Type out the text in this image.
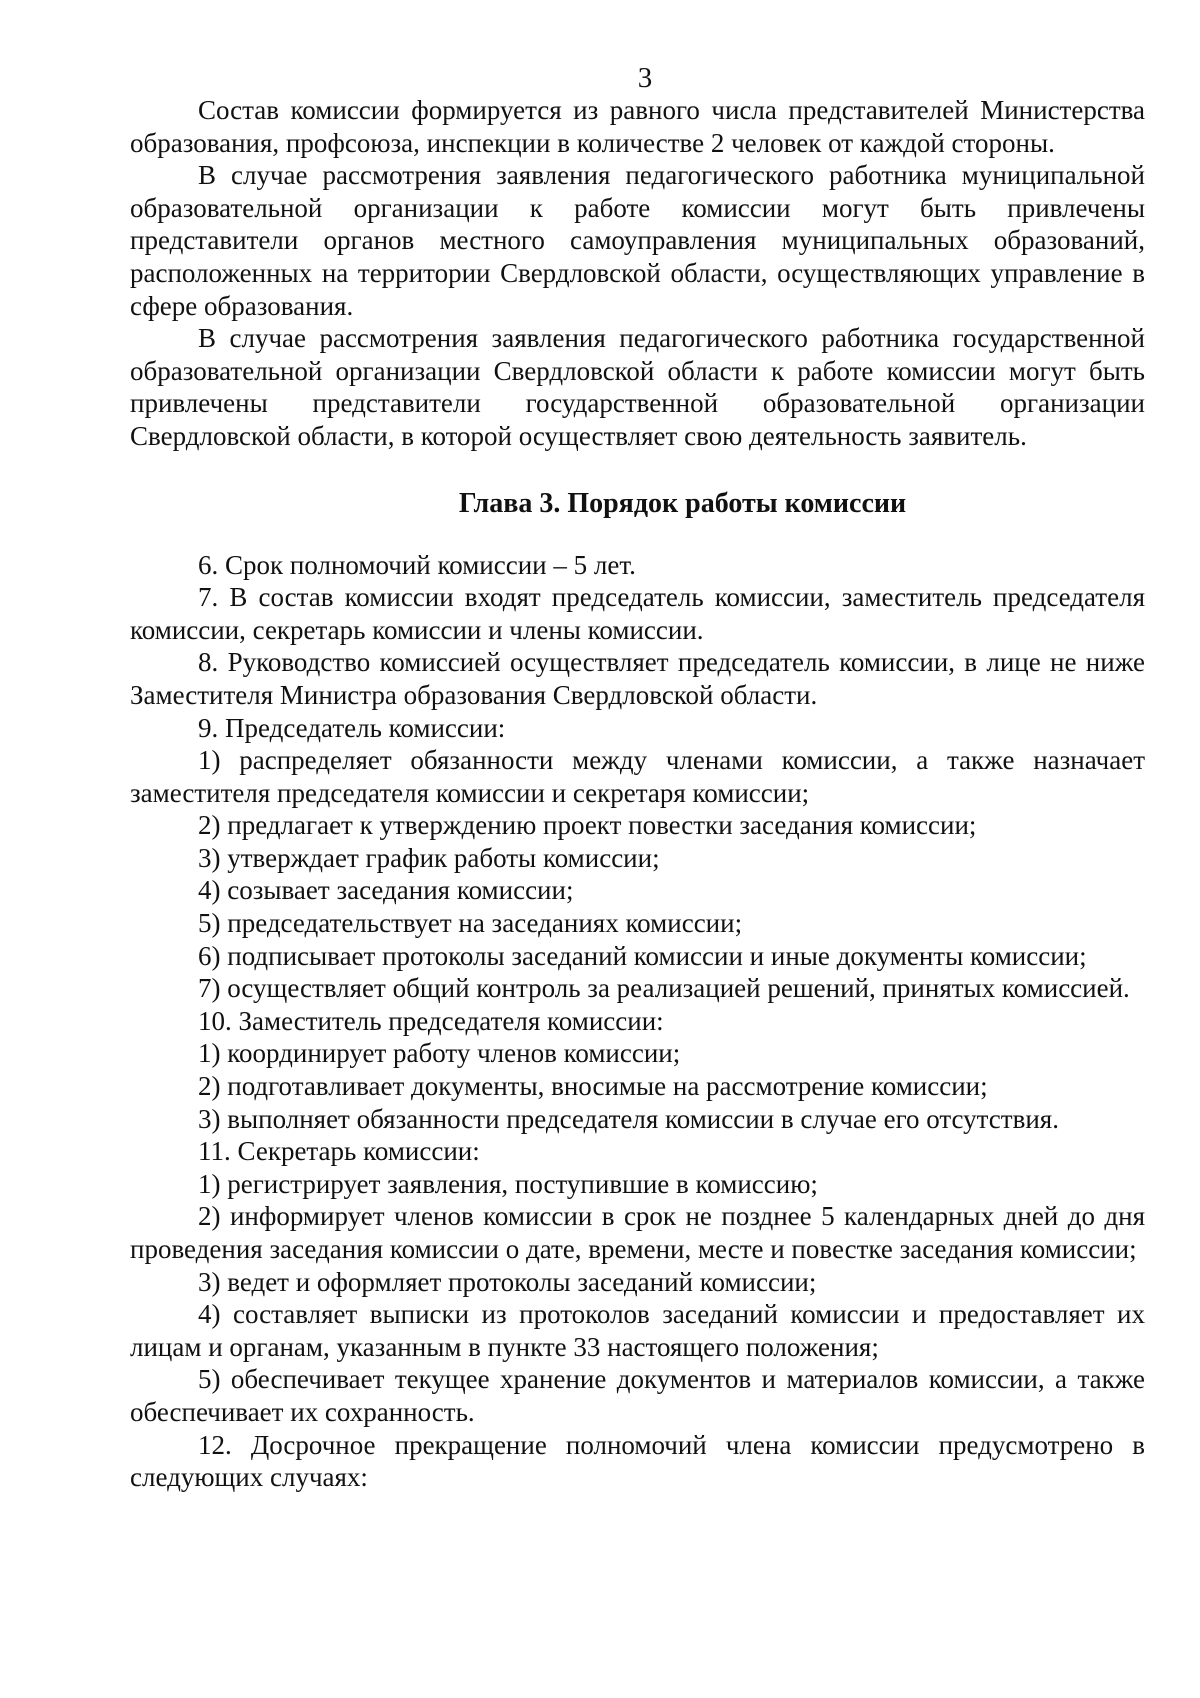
3

Состав комиссии формируется из равного числа представителей Министерства образования, профсоюза, инспекции в количестве 2 человек от каждой стороны.

В случае рассмотрения заявления педагогического работника муниципальной образовательной организации к работе комиссии могут быть привлечены представители органов местного самоуправления муниципальных образований, расположенных на территории Свердловской области, осуществляющих управление в сфере образования.

В случае рассмотрения заявления педагогического работника государственной образовательной организации Свердловской области к работе комиссии могут быть привлечены представители государственной образовательной организации Свердловской области, в которой осуществляет свою деятельность заявитель.

Глава 3. Порядок работы комиссии

6. Срок полномочий комиссии – 5 лет.

7. В состав комиссии входят председатель комиссии, заместитель председателя комиссии, секретарь комиссии и члены комиссии.

8. Руководство комиссией осуществляет председатель комиссии, в лице не ниже Заместителя Министра образования Свердловской области.

9. Председатель комиссии:

1) распределяет обязанности между членами комиссии, а также назначает заместителя председателя комиссии и секретаря комиссии;

2) предлагает к утверждению проект повестки заседания комиссии;

3) утверждает график работы комиссии;

4) созывает заседания комиссии;

5) председательствует на заседаниях комиссии;

6) подписывает протоколы заседаний комиссии и иные документы комиссии;

7) осуществляет общий контроль за реализацией решений, принятых комиссией.

10. Заместитель председателя комиссии:

1) координирует работу членов комиссии;

2) подготавливает документы, вносимые на рассмотрение комиссии;

3) выполняет обязанности председателя комиссии в случае его отсутствия.

11. Секретарь комиссии:

1) регистрирует заявления, поступившие в комиссию;

2) информирует членов комиссии в срок не позднее 5 календарных дней до дня проведения заседания комиссии о дате, времени, месте и повестке заседания комиссии;

3) ведет и оформляет протоколы заседаний комиссии;

4) составляет выписки из протоколов заседаний комиссии и предоставляет их лицам и органам, указанным в пункте 33 настоящего положения;

5) обеспечивает текущее хранение документов и материалов комиссии, а также обеспечивает их сохранность.

12. Досрочное прекращение полномочий члена комиссии предусмотрено в следующих случаях:
